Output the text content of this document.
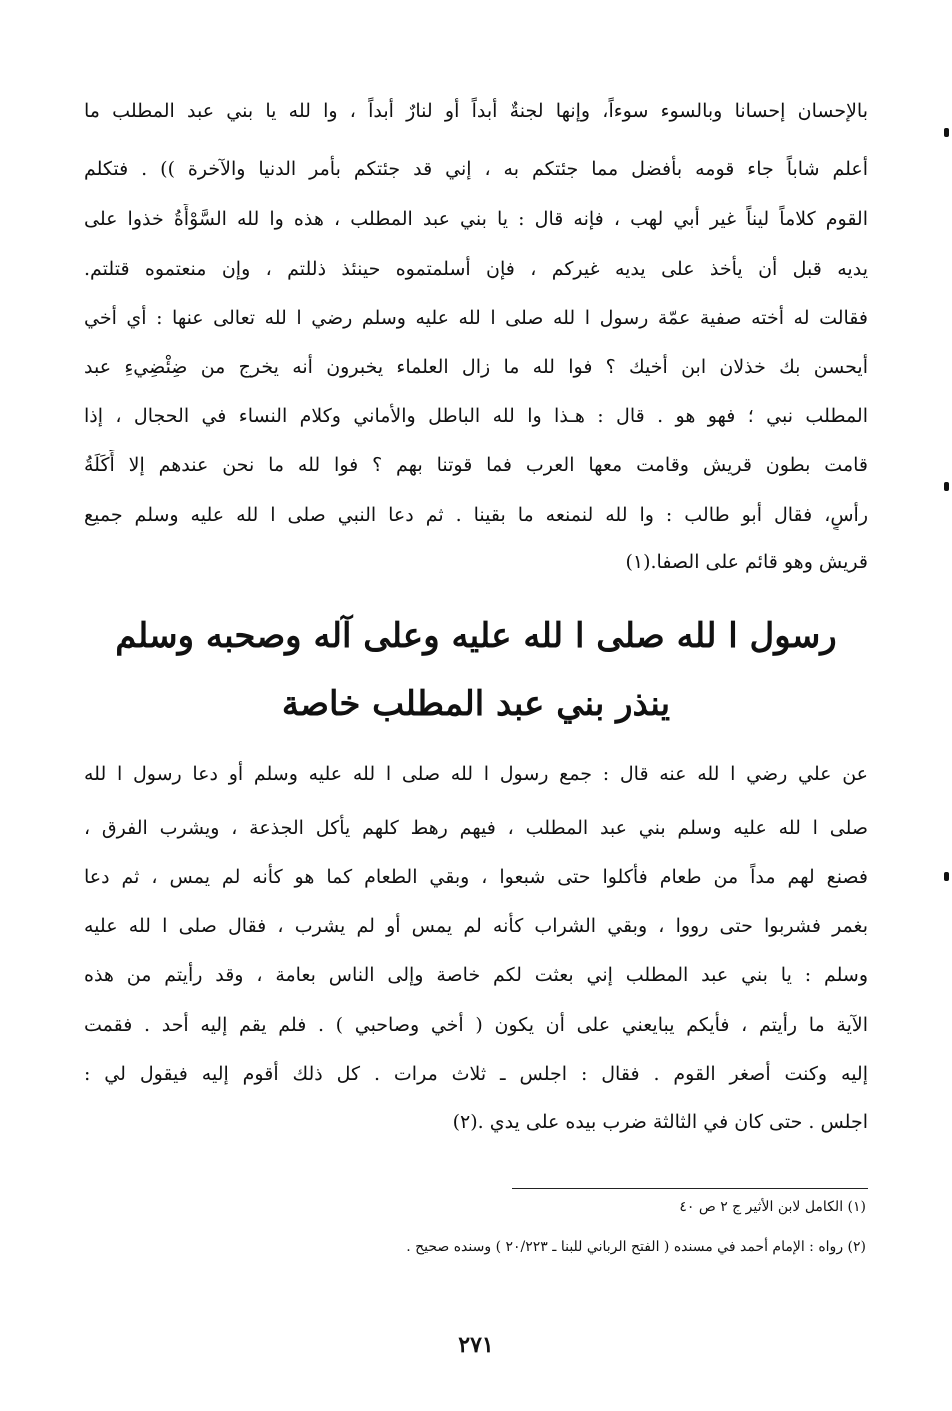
بالإحسان إحسانا وبالسوء سوءاً، وإنها لجنةٌ أبداً أو لنارٌ أبداً ، وا لله يا بني عبد المطلب ما
أعلم شاباً جاء قومه بأفضل مما جئتكم به ، إني قد جئتكم بأمر الدنيا والآخرة )) . فتكلم
القوم كلاماً ليناً غير أبي لهب ، فإنه قال : يا بني عبد المطلب ، هذه وا لله السَّوْأَةُ خذوا على
يديه قبل أن يأخذ على يديه غيركم ، فإن أسلمتموه حينئذ ذللتم ، وإن منعتموه قتلتم.
فقالت له أخته صفية عمّة رسول ا لله صلى ا لله عليه وسلم رضي ا لله تعالى عنها : أي أخي
أيحسن بك خذلان ابن أخيك ؟ فوا لله ما زال العلماء يخبرون أنه يخرج من ضِئْضِيءِ عبد
المطلب نبي ؛ فهو هو . قال : هـذا وا لله الباطل والأماني وكلام النساء في الحجال ، إذا
قامت بطون قريش وقامت معها العرب فما قوتنا بهم ؟ فوا لله ما نحن عندهم إلا أَكَلَةُ
رأسٍ، فقال أبو طالب : وا لله لنمنعه ما بقينا . ثم دعا النبي صلى ا لله عليه وسلم جميع
قريش وهو قائم على الصفا.(١)
رسول ا لله صلى ا لله عليه وعلى آله وصحبه وسلم
ينذر بني عبد المطلب خاصة
عن علي رضي ا لله عنه قال : جمع رسول ا لله صلى ا لله عليه وسلم أو دعا رسول ا لله
صلى ا لله عليه وسلم بني عبد المطلب ، فيهم رهط كلهم يأكل الجذعة ، ويشرب الفرق ،
فصنع لهم مداً من طعام فأكلوا حتى شبعوا ، وبقي الطعام كما هو كأنه لم يمس ، ثم دعا
بغمر فشربوا حتى رووا ، وبقي الشراب كأنه لم يمس أو لم يشرب ، فقال صلى ا لله عليه
وسلم : يا بني عبد المطلب إني بعثت لكم خاصة وإلى الناس بعامة ، وقد رأيتم من هذه
الآية ما رأيتم ، فأيكم يبايعني على أن يكون ( أخي وصاحبي ) . فلم يقم إليه أحد . فقمت
إليه وكنت أصغر القوم . فقال : اجلس ـ ثلاث مرات . كل ذلك أقوم إليه فيقول لي :
اجلس . حتى كان في الثالثة ضرب بيده على يدي .(٢)
(١) الكامل لابن الأثير ج ٢ ص ٤٠
(٢) رواه : الإمام أحمد في مسنده ( الفتح الرباني للبنا ـ ٢٠/٢٢٣ ) وسنده صحيح .
٢٧١
